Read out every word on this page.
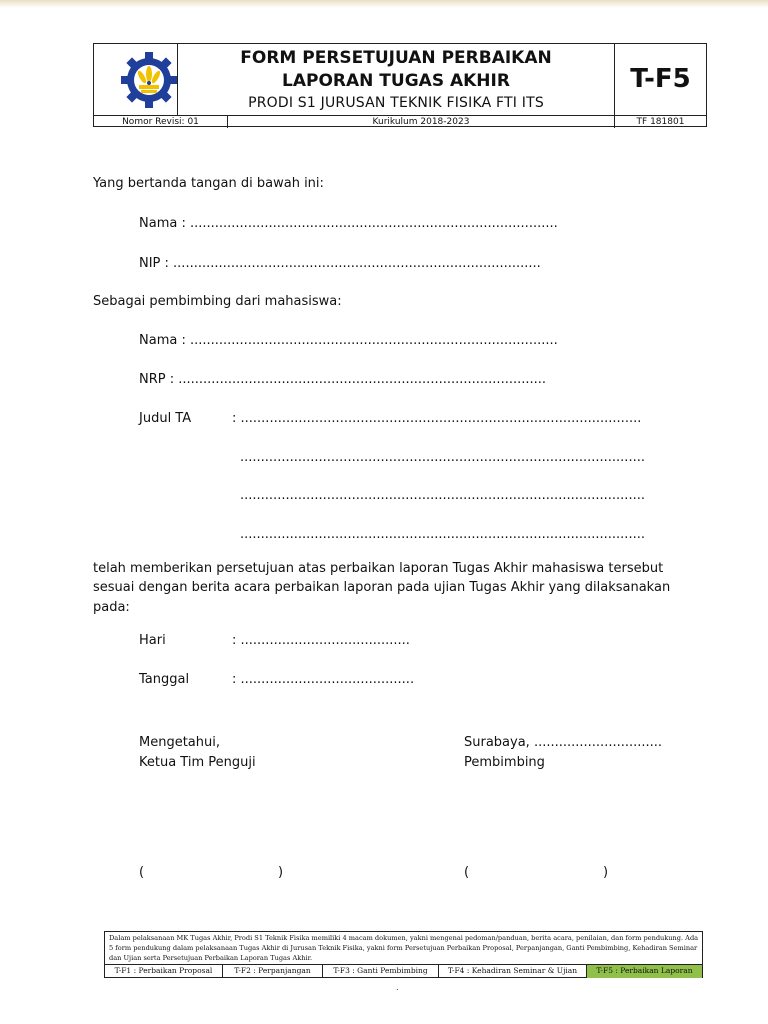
FORM PERSETUJUAN PERBAIKAN
LAPORAN TUGAS AKHIR
PRODI S1 JURUSAN TEKNIK FISIKA FTI ITS
T-F5
Nomor Revisi: 01	Kurikulum 2018-2023	TF 181801
Yang bertanda tangan di bawah ini:
Nama : .........................................................................................
NIP : .........................................................................................
Sebagai pembimbing dari mahasiswa:
Nama : .........................................................................................
NRP : .........................................................................................
Judul TA	: .................................................................................................
..................................................................................................
..................................................................................................
..................................................................................................
telah memberikan persetujuan atas perbaikan laporan Tugas Akhir mahasiswa tersebut
sesuai dengan berita acara perbaikan laporan pada ujian Tugas Akhir yang dilaksanakan
pada:
Hari	: .........................................
Tanggal	: ..........................................
Mengetahui,
Ketua Tim Penguji
Surabaya, ...............................
Pembimbing
(	)	(	)
Dalam pelaksanaan MK Tugas Akhir, Prodi S1 Teknik Fisika memiliki 4 macam dokumen, yakni mengenai pedoman/panduan, berita acara, penilaian, dan form pendukung. Ada 5 form pendukung dalam pelaksanaan Tugas Akhir di Jurusan Teknik Fisika, yakni form Persetujuan Perbaikan Proposal, Perpanjangan, Ganti Pembimbing, Kehadiran Seminar dan Ujian serta Persetujuan Perbaikan Laporan Tugas Akhir.
T-F1 : Perbaikan Proposal	T-F2 : Perpanjangan	T-F3 : Ganti Pembimbing	T-F4 : Kehadiran Seminar & Ujian	T-F5 : Perbaikan Laporan
.
